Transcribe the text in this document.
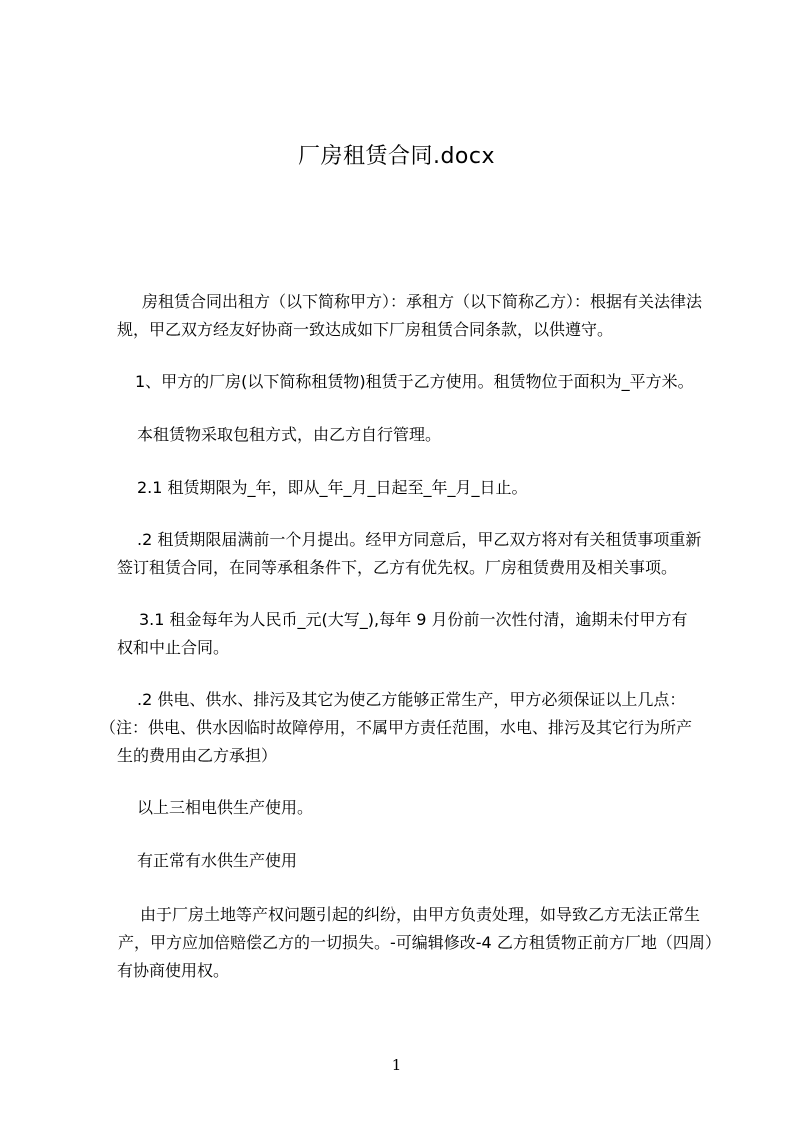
厂房租赁合同.docx
房租赁合同出租方（以下简称甲方）：承租方（以下简称乙方）：根据有关法律法
规，甲乙双方经友好协商一致达成如下厂房租赁合同条款，以供遵守。
1、甲方的厂房(以下简称租赁物)租赁于乙方使用。租赁物位于面积为_平方米。
本租赁物采取包租方式，由乙方自行管理。
2.1 租赁期限为_年，即从_年_月_日起至_年_月_日止。
.2 租赁期限届满前一个月提出。经甲方同意后，甲乙双方将对有关租赁事项重新
签订租赁合同，在同等承租条件下，乙方有优先权。厂房租赁费用及相关事项。
3.1 租金每年为人民币_元(大写_),每年 9 月份前一次性付清，逾期未付甲方有
权和中止合同。
.2 供电、供水、排污及其它为使乙方能够正常生产，甲方必须保证以上几点：
（注：供电、供水因临时故障停用，不属甲方责任范围，水电、排污及其它行为所产
生的费用由乙方承担）
以上三相电供生产使用。
有正常有水供生产使用
由于厂房土地等产权问题引起的纠纷，由甲方负责处理，如导致乙方无法正常生
产，甲方应加倍赔偿乙方的一切损失。-可编辑修改-4 乙方租赁物正前方厂地（四周）
有协商使用权。
1
